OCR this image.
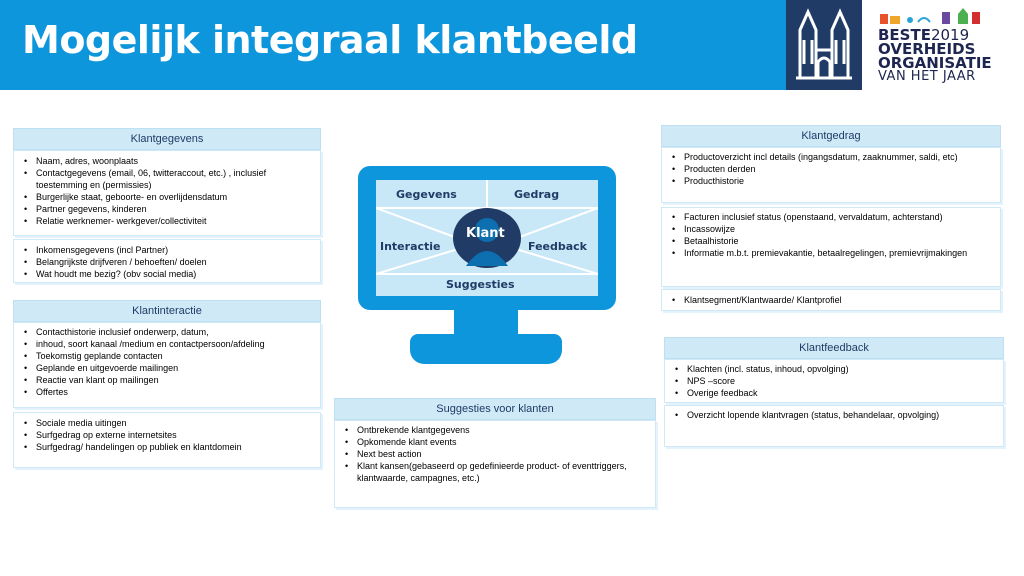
Mogelijk integraal klantbeeld	BESTE 2019
OVERHEIDS
ORGANISATIE
VAN HET JAAR
Klantgegevens
• Naam, adres, woonplaats
• Contactgegevens (email, 06, twitteraccout, etc.) , inclusief toestemming en (permissies)
• Burgerlijke staat, geboorte- en overlijdensdatum
• Partner gegevens, kinderen
• Relatie werknemer- werkgever/collectiviteit
• Inkomensgegevens (incl Partner)
• Belangrijkste drijfveren / behoeften/ doelen
• Wat houdt me bezig? (obv social media)
Klantinteractie
• Contacthistorie inclusief onderwerp, datum,
• inhoud, soort kanaal /medium en contactpersoon/afdeling
• Toekomstig geplande contacten
• Geplande en uitgevoerde mailingen
• Reactie van klant op mailingen
• Offertes
• Sociale media uitingen
• Surfgedrag op externe internetsites
• Surfgedrag/ handelingen op publiek en klantdomein
Gegevens	Gedrag
Interactie	Feedback
Suggesties
Klant
Suggesties voor klanten
• Ontbrekende klantgegevens
• Opkomende klant events
• Next best action
• Klant kansen(gebaseerd op gedefinieerde product- of eventtriggers, klantwaarde, campagnes, etc.)
Klantgedrag
• Productoverzicht incl details (ingangsdatum, zaaknummer, saldi, etc)
• Producten derden
• Producthistorie
• Facturen inclusief status (openstaand, vervaldatum, achterstand)
• Incassowijze
• Betaalhistorie
• Informatie m.b.t. premievakantie, betaalregelingen, premievrijmakingen
• Klantsegment/Klantwaarde/ Klantprofiel
Klantfeedback
• Klachten (incl. status, inhoud, opvolging)
• NPS –score
• Overige feedback
• Overzicht lopende klantvragen (status, behandelaar, opvolging)
